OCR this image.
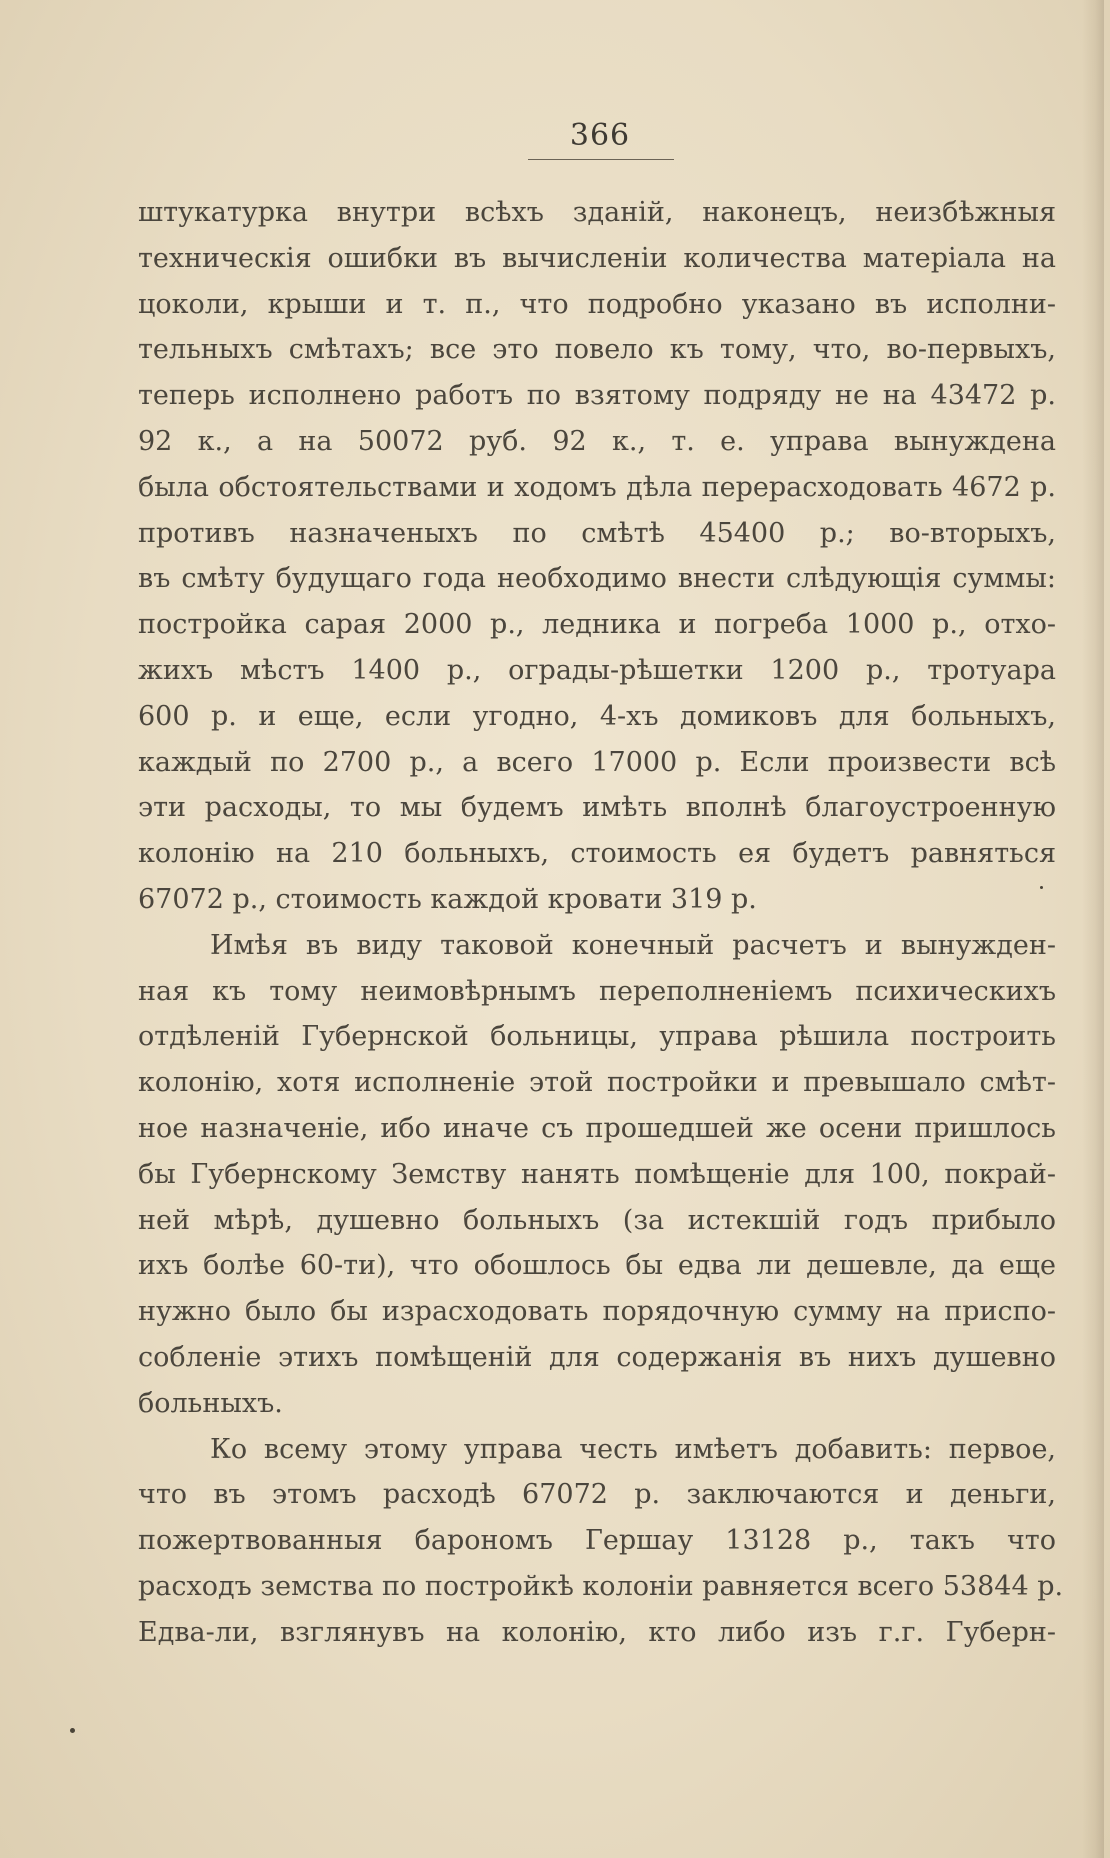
366
штукатурка внутри всѣхъ зданій, наконецъ, неизбѣжныя
техническія ошибки въ вычисленіи количества матеріала на
цоколи, крыши и т. п., что подробно указано въ исполни-
тельныхъ смѣтахъ; все это повело къ тому, что, во-первыхъ,
теперь исполнено работъ по взятому подряду не на 43472 р.
92 к., а на 50072 руб. 92 к., т. е. управа вынуждена
была обстоятельствами и ходомъ дѣла перерасходовать 4672 р.
противъ назначеныхъ по смѣтѣ 45400 р.; во-вторыхъ,
въ смѣту будущаго года необходимо внести слѣдующія суммы:
постройка сарая 2000 р., ледника и погреба 1000 р., отхо-
жихъ мѣстъ 1400 р., ограды-рѣшетки 1200 р., тротуара
600 р. и еще, если угодно, 4-хъ домиковъ для больныхъ,
каждый по 2700 р., а всего 17000 р. Если произвести всѣ
эти расходы, то мы будемъ имѣть вполнѣ благоустроенную
колонію на 210 больныхъ, стоимость ея будетъ равняться
67072 р., стоимость каждой кровати 319 р.
Имѣя въ виду таковой конечный расчетъ и вынужден-
ная къ тому неимовѣрнымъ переполненіемъ психическихъ
отдѣленій Губернской больницы, управа рѣшила построить
колонію, хотя исполненіе этой постройки и превышало смѣт-
ное назначеніе, ибо иначе съ прошедшей же осени пришлось
бы Губернскому Земству нанять помѣщеніе для 100, покрай-
ней мѣрѣ, душевно больныхъ (за истекшій годъ прибыло
ихъ болѣе 60-ти), что обошлось бы едва ли дешевле, да еще
нужно было бы израсходовать порядочную сумму на приспо-
собленіе этихъ помѣщеній для содержанія въ нихъ душевно
больныхъ.
Ко всему этому управа честь имѣетъ добавить: первое,
что въ этомъ расходѣ 67072 р. заключаются и деньги,
пожертвованныя барономъ Гершау 13128 р., такъ что
расходъ земства по постройкѣ колоніи равняется всего 53844 р.
Едва-ли, взглянувъ на колонію, кто либо изъ г.г. Губерн-
